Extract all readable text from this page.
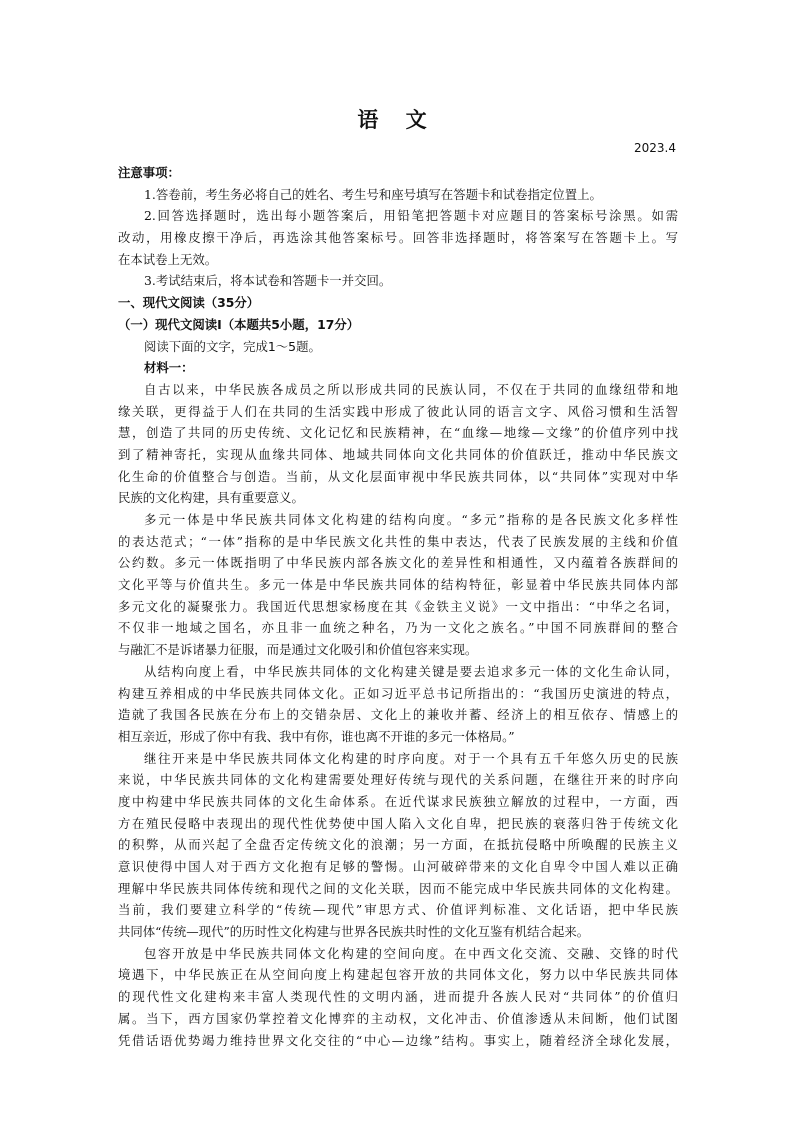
语 文
2023.4
注意事项：
1.答卷前，考生务必将自己的姓名、考生号和座号填写在答题卡和试卷指定位置上。
2.回答选择题时，选出每小题答案后，用铅笔把答题卡对应题目的答案标号涂黑。如需
改动，用橡皮擦干净后，再选涂其他答案标号。回答非选择题时，将答案写在答题卡上。写
在本试卷上无效。
3.考试结束后，将本试卷和答题卡一并交回。
一、现代文阅读（35分）
（一）现代文阅读Ⅰ（本题共5小题，17分）
阅读下面的文字，完成1～5题。
材料一：
自古以来，中华民族各成员之所以形成共同的民族认同，不仅在于共同的血缘纽带和地
缘关联，更得益于人们在共同的生活实践中形成了彼此认同的语言文字、风俗习惯和生活智
慧，创造了共同的历史传统、文化记忆和民族精神，在“血缘—地缘—文缘”的价值序列中找
到了精神寄托，实现从血缘共同体、地域共同体向文化共同体的价值跃迁，推动中华民族文
化生命的价值整合与创造。当前，从文化层面审视中华民族共同体，以“共同体”实现对中华
民族的文化构建，具有重要意义。
多元一体是中华民族共同体文化构建的结构向度。“多元”指称的是各民族文化多样性
的表达范式；“一体”指称的是中华民族文化共性的集中表达，代表了民族发展的主线和价值
公约数。多元一体既指明了中华民族内部各族文化的差异性和相通性，又内蕴着各族群间的
文化平等与价值共生。多元一体是中华民族共同体的结构特征，彰显着中华民族共同体内部
多元文化的凝聚张力。我国近代思想家杨度在其《金铁主义说》一文中指出：“中华之名词，
不仅非一地域之国名，亦且非一血统之种名，乃为一文化之族名。”中国不同族群间的整合
与融汇不是诉诸暴力征服，而是通过文化吸引和价值包容来实现。
从结构向度上看，中华民族共同体的文化构建关键是要去追求多元一体的文化生命认同，
构建互养相成的中华民族共同体文化。正如习近平总书记所指出的：“我国历史演进的特点，
造就了我国各民族在分布上的交错杂居、文化上的兼收并蓄、经济上的相互依存、情感上的
相互亲近，形成了你中有我、我中有你，谁也离不开谁的多元一体格局。”
继往开来是中华民族共同体文化构建的时序向度。对于一个具有五千年悠久历史的民族
来说，中华民族共同体的文化构建需要处理好传统与现代的关系问题，在继往开来的时序向
度中构建中华民族共同体的文化生命体系。在近代谋求民族独立解放的过程中，一方面，西
方在殖民侵略中表现出的现代性优势使中国人陷入文化自卑，把民族的衰落归咎于传统文化
的积弊，从而兴起了全盘否定传统文化的浪潮；另一方面，在抵抗侵略中所唤醒的民族主义
意识使得中国人对于西方文化抱有足够的警惕。山河破碎带来的文化自卑令中国人难以正确
理解中华民族共同体传统和现代之间的文化关联，因而不能完成中华民族共同体的文化构建。
当前，我们要建立科学的“传统—现代”审思方式、价值评判标准、文化话语，把中华民族
共同体“传统—现代”的历时性文化构建与世界各民族共时性的文化互鉴有机结合起来。
包容开放是中华民族共同体文化构建的空间向度。在中西文化交流、交融、交锋的时代
境遇下，中华民族正在从空间向度上构建起包容开放的共同体文化，努力以中华民族共同体
的现代性文化建构来丰富人类现代性的文明内涵，进而提升各族人民对“共同体”的价值归
属。当下，西方国家仍掌控着文化博弈的主动权，文化冲击、价值渗透从未间断，他们试图
凭借话语优势竭力维持世界文化交往的“中心—边缘”结构。事实上，随着经济全球化发展，
